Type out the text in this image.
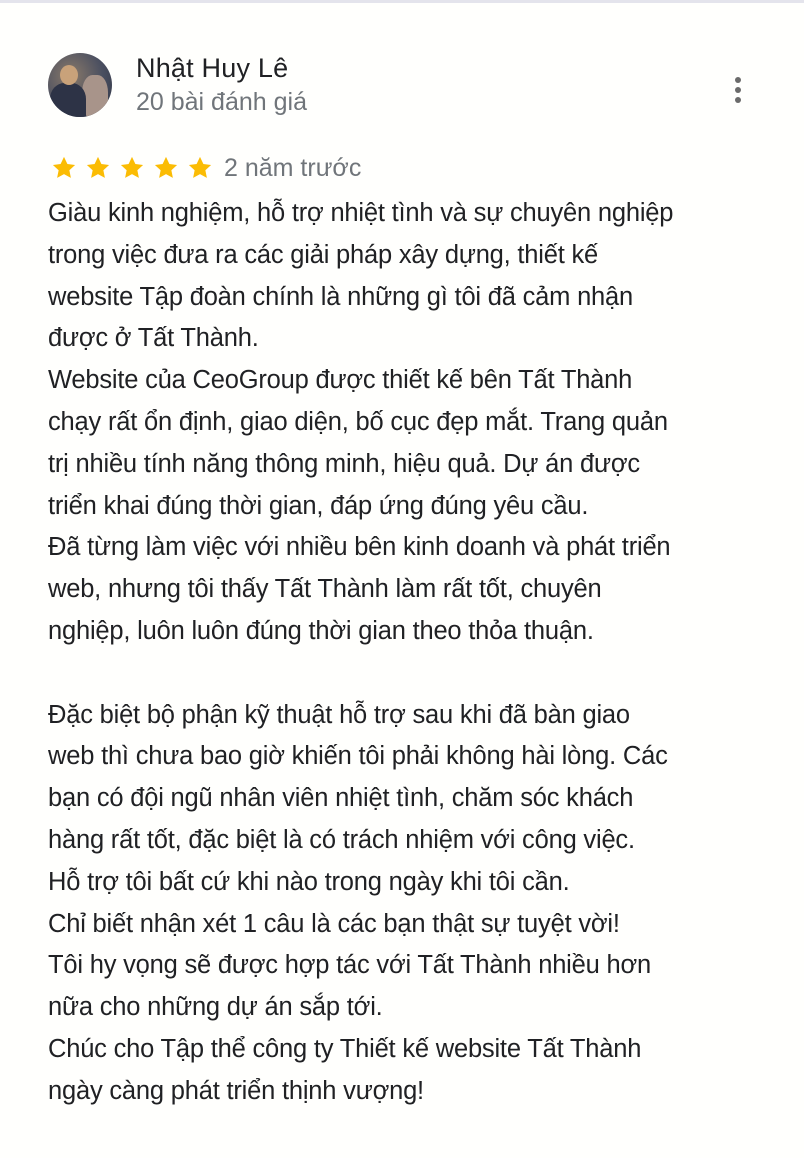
Nhật Huy Lê
20 bài đánh giá
2 năm trước
Giàu kinh nghiệm, hỗ trợ nhiệt tình và sự chuyên nghiệp
trong việc đưa ra các giải pháp xây dựng, thiết kế
website Tập đoàn chính là những gì tôi đã cảm nhận
được ở Tất Thành.
Website của CeoGroup được thiết kế bên Tất Thành
chạy rất ổn định, giao diện, bố cục đẹp mắt. Trang quản
trị nhiều tính năng thông minh, hiệu quả. Dự án được
triển khai đúng thời gian, đáp ứng đúng yêu cầu.
Đã từng làm việc với nhiều bên kinh doanh và phát triển
web, nhưng tôi thấy Tất Thành làm rất tốt, chuyên
nghiệp, luôn luôn đúng thời gian theo thỏa thuận.
Đặc biệt bộ phận kỹ thuật hỗ trợ sau khi đã bàn giao
web thì chưa bao giờ khiến tôi phải không hài lòng. Các
bạn có đội ngũ nhân viên nhiệt tình, chăm sóc khách
hàng rất tốt, đặc biệt là có trách nhiệm với công việc.
Hỗ trợ tôi bất cứ khi nào trong ngày khi tôi cần.
Chỉ biết nhận xét 1 câu là các bạn thật sự tuyệt vời!
Tôi hy vọng sẽ được hợp tác với Tất Thành nhiều hơn
nữa cho những dự án sắp tới.
Chúc cho Tập thể công ty Thiết kế website Tất Thành
ngày càng phát triển thịnh vượng!
